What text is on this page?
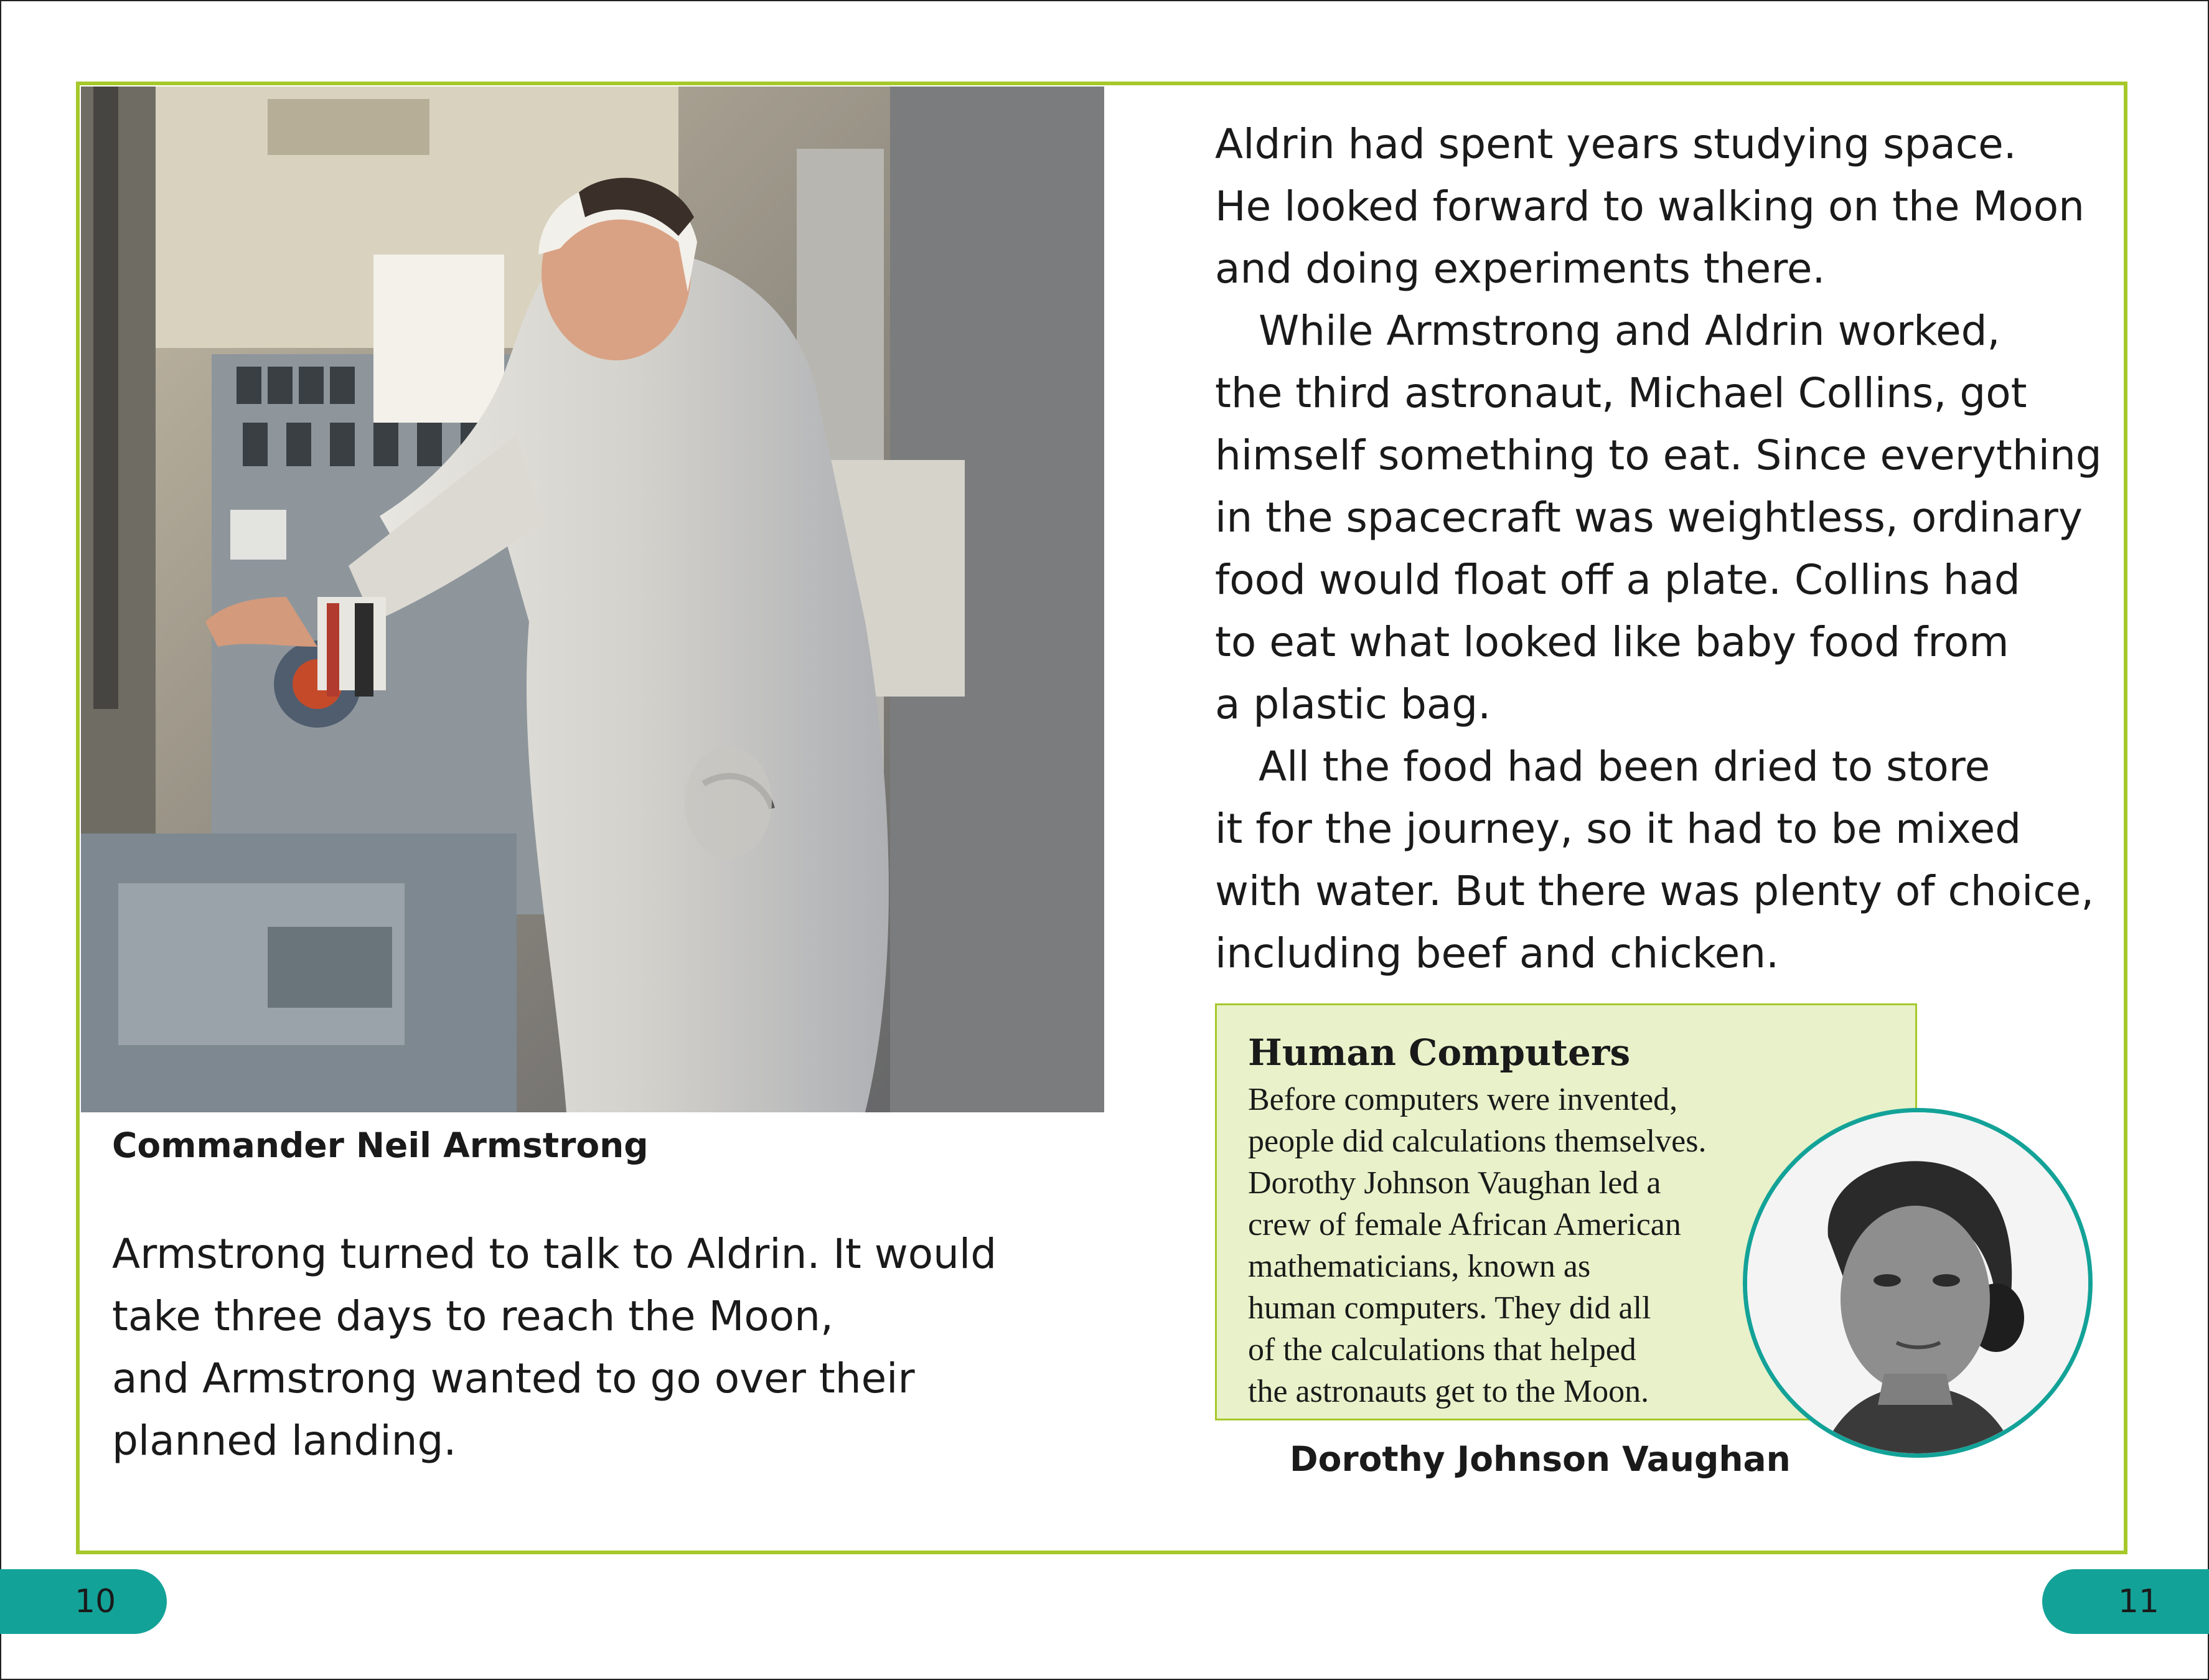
Commander Neil Armstrong

Armstrong turned to talk to Aldrin. It would

take three days to reach the Moon,

and Armstrong wanted to go over their

planned landing.

Aldrin had spent years studying space.
He looked forward to walking on the Moon
and doing experiments there.

While Armstrong and Aldrin worked,
the third astronaut, Michael Collins, got
himself something to eat. Since everything
in the spacecraft was weightless, ordinary
food would float off a plate. Collins had
to eat what looked like baby food from
a plastic bag.

All the food had been dried to store
it for the journey, so it had to be mixed
with water. But there was plenty of choice,
including beef and chicken.

Human Computers
Before computers were invented,
people did calculations themselves.
Dorothy Johnson Vaughan led a
crew of female African American
mathematicians, known as
human computers. They did all
of the calculations that helped
the astronauts get to the Moon.
Dorothy Johnson Vaughan
10	11
